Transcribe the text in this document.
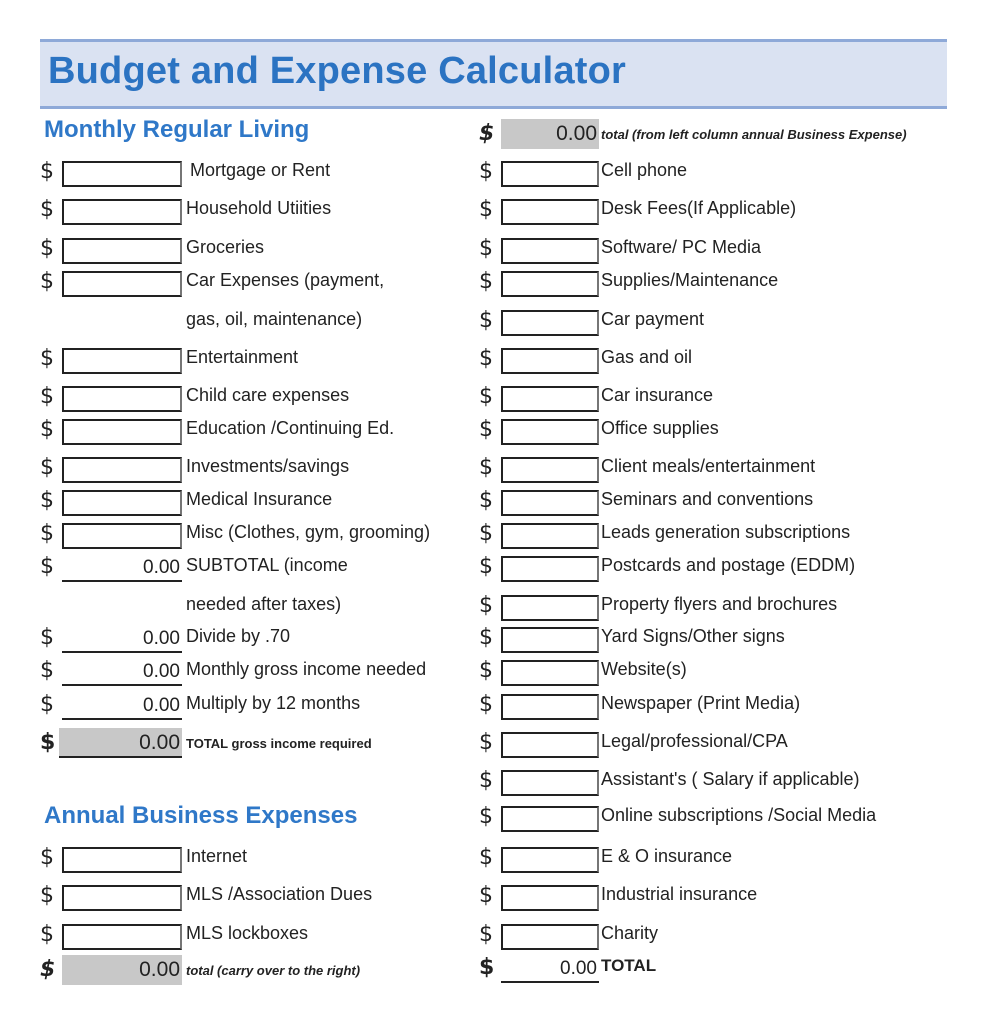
Budget and Expense Calculator
Monthly Regular Living
$	Mortgage or Rent
$	Household Utiities
$	Groceries
$	Car Expenses (payment,
gas, oil, maintenance)
$	Entertainment
$	Child care expenses
$	Education /Continuing Ed.
$	Investments/savings
$	Medical Insurance
$	Misc (Clothes, gym, grooming)
$	0.00 SUBTOTAL (income
needed after taxes)
$	0.00 Divide by .70
$	0.00 Monthly gross income needed
$	0.00 Multiply by 12 months
$	0.00 TOTAL gross income required
Annual Business Expenses
$	Internet
$	MLS /Association Dues
$	MLS lockboxes
$	0.00 total (carry over to the right)
$	0.00 total (from left column annual Business Expense)
$	Cell phone
$	Desk Fees(If Applicable)
$	Software/ PC Media
$	Supplies/Maintenance
$	Car payment
$	Gas and oil
$	Car insurance
$	Office supplies
$	Client meals/entertainment
$	Seminars and conventions
$	Leads generation subscriptions
$	Postcards and postage (EDDM)
$	Property flyers and brochures
$	Yard Signs/Other signs
$	Website(s)
$	Newspaper (Print Media)
$	Legal/professional/CPA
$	Assistant's ( Salary if applicable)
$	Online subscriptions /Social Media
$	E & O insurance
$	Industrial insurance
$	Charity
$	0.00 TOTAL
